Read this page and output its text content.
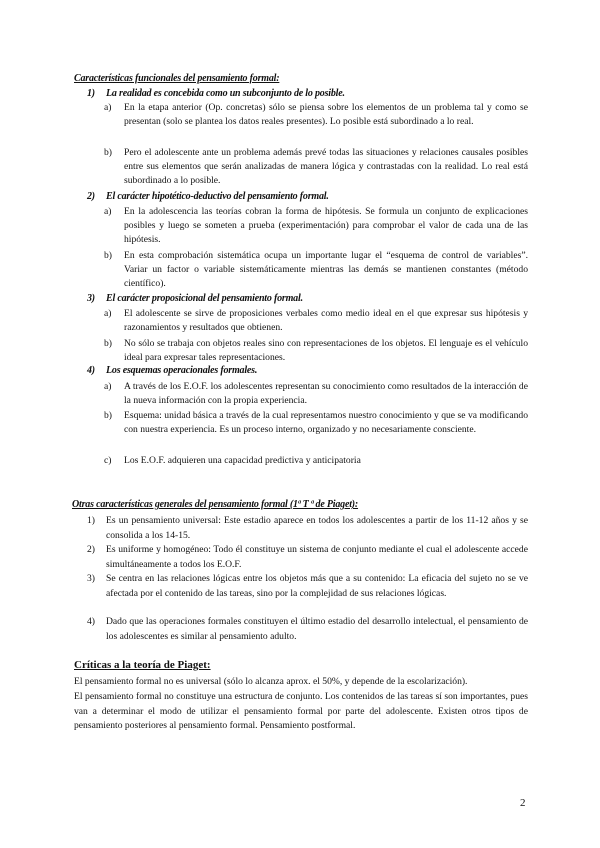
Características funcionales del pensamiento formal:
1) La realidad es concebida como un subconjunto de lo posible.
a) En la etapa anterior (Op. concretas) sólo se piensa sobre los elementos de un problema tal y como se presentan (solo se plantea los datos reales presentes). Lo posible está subordinado a lo real.
b) Pero el adolescente ante un problema además prevé todas las situaciones y relaciones causales posibles entre sus elementos que serán analizadas de manera lógica y contrastadas con la realidad. Lo real está subordinado a lo posible.
2) El carácter hipotético-deductivo del pensamiento formal.
a) En la adolescencia las teorías cobran la forma de hipótesis. Se formula un conjunto de explicaciones posibles y luego se someten a prueba (experimentación) para comprobar el valor de cada una de las hipótesis.
b) En esta comprobación sistemática ocupa un importante lugar el “esquema de control de variables”. Variar un factor o variable sistemáticamente mientras las demás se mantienen constantes (método científico).
3) El carácter proposicional del pensamiento formal.
a) El adolescente se sirve de proposiciones verbales como medio ideal en el que expresar sus hipótesis y razonamientos y resultados que obtienen.
b) No sólo se trabaja con objetos reales sino con representaciones de los objetos. El lenguaje es el vehículo ideal para expresar tales representaciones.
4) Los esquemas operacionales formales.
a) A través de los E.O.F. los adolescentes representan su conocimiento como resultados de la interacción de la nueva información con la propia experiencia.
b) Esquema: unidad básica a través de la cual representamos nuestro conocimiento y que se va modificando con nuestra experiencia. Es un proceso interno, organizado y no necesariamente consciente.
c) Los E.O.F. adquieren una capacidad predictiva y anticipatoria
Otras características generales del pensamiento formal (1ª T ª de Piaget):
1) Es un pensamiento universal: Este estadio aparece en todos los adolescentes a partir de los 11-12 años y se consolida a los 14-15.
2) Es uniforme y homogéneo: Todo él constituye un sistema de conjunto mediante el cual el adolescente accede simultáneamente a todos los E.O.F.
3) Se centra en las relaciones lógicas entre los objetos más que a su contenido: La eficacia del sujeto no se ve afectada por el contenido de las tareas, sino por la complejidad de sus relaciones lógicas.
4) Dado que las operaciones formales constituyen el último estadio del desarrollo intelectual, el pensamiento de los adolescentes es similar al pensamiento adulto.
Críticas a la teoría de Piaget:
El pensamiento formal no es universal (sólo lo alcanza aprox. el 50%, y depende de la escolarización).
El pensamiento formal no constituye una estructura de conjunto. Los contenidos de las tareas sí son importantes, pues van a determinar el modo de utilizar el pensamiento formal por parte del adolescente. Existen otros tipos de pensamiento posteriores al pensamiento formal. Pensamiento postformal.
2
